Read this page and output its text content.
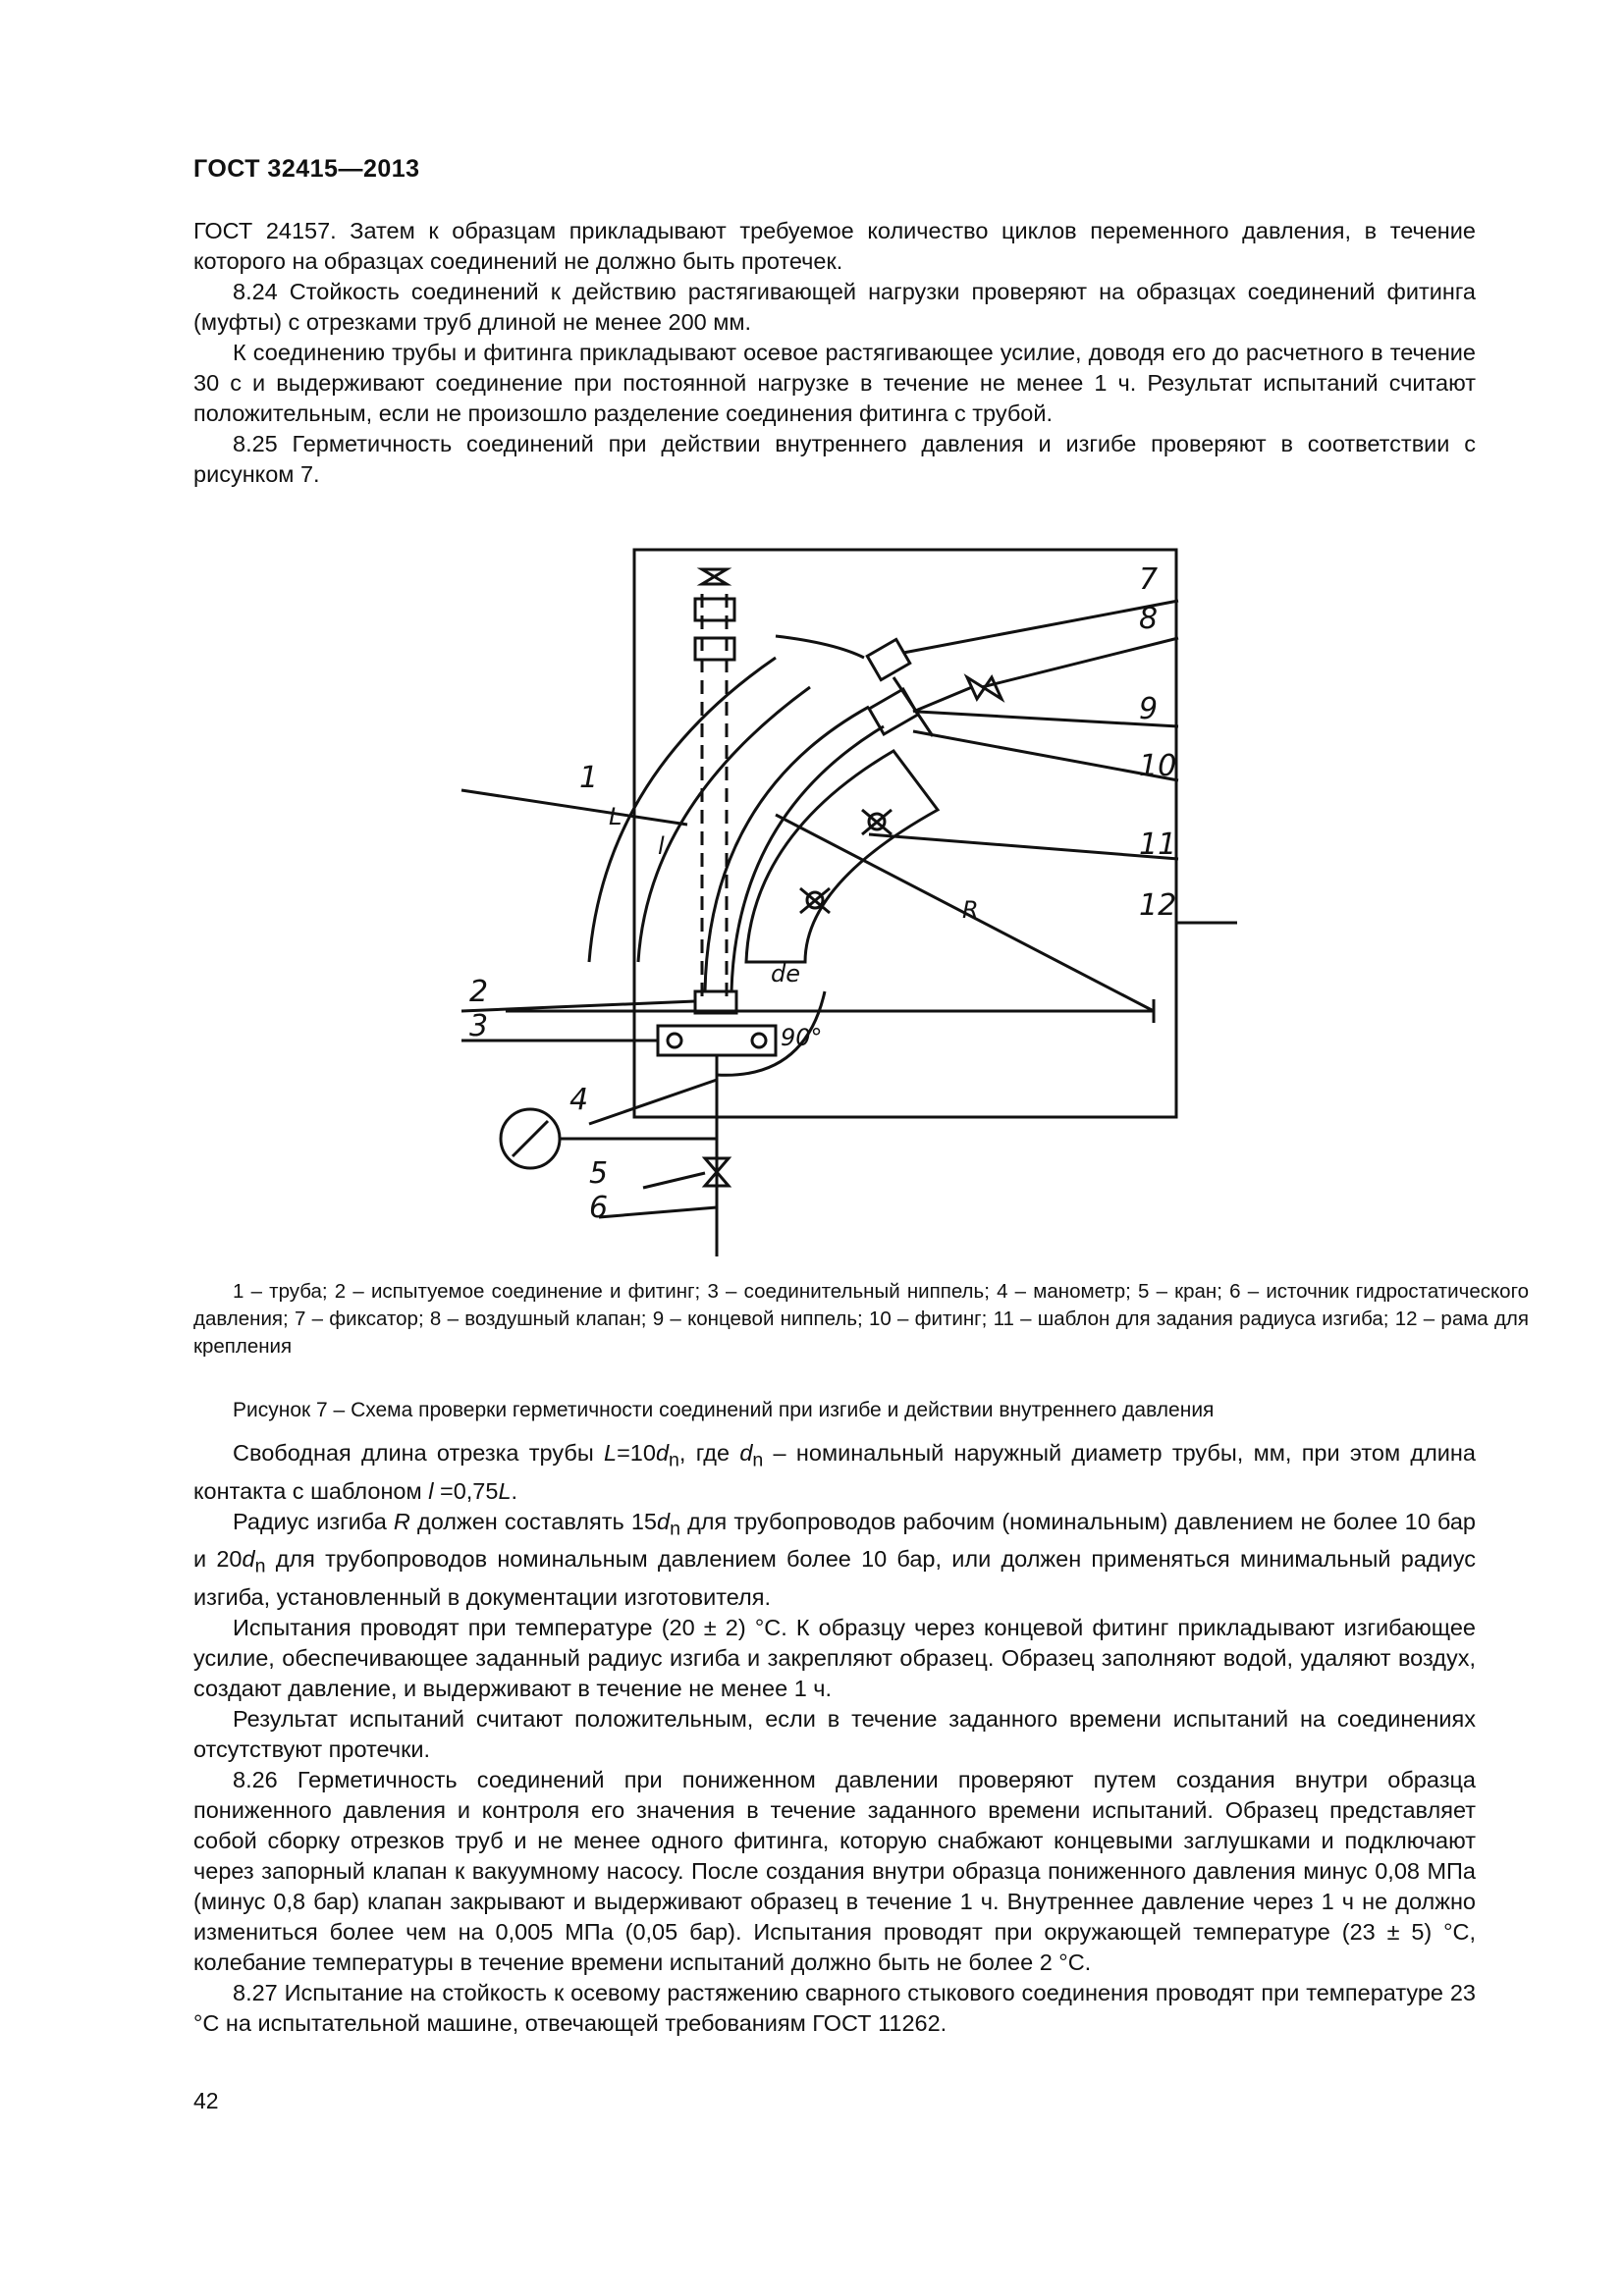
ГОСТ 32415—2013

ГОСТ 24157. Затем к образцам прикладывают требуемое количество циклов переменного давления, в течение которого на образцах соединений не должно быть протечек.

8.24 Стойкость соединений к действию растягивающей нагрузки проверяют на образцах соединений фитинга (муфты) с отрезками труб длиной не менее 200 мм.

К соединению трубы и фитинга прикладывают осевое растягивающее усилие, доводя его до расчетного в течение 30 с и выдерживают соединение при постоянной нагрузке в течение не менее 1 ч. Результат испытаний считают положительным, если не произошло разделение соединения фитинга с трубой.

8.25 Герметичность соединений при действии внутреннего давления и изгибе проверяют в соответствии с рисунком 7.

1
2
3
4
5
6
7
8
9
10
11
12
L
l
R
de
90°

1 – труба; 2 – испытуемое соединение и фитинг; 3 – соединительный ниппель; 4 – манометр; 5 – кран; 6 – источник гидростатического давления; 7 – фиксатор; 8 – воздушный клапан; 9 – концевой ниппель; 10 – фитинг; 11 – шаблон для задания радиуса изгиба; 12 – рама для крепления

Рисунок 7 – Схема проверки герметичности соединений при изгибе и действии внутреннего давления

Свободная длина отрезка трубы $L=10d_n$, где $d_n$ – номинальный наружный диаметр трубы, мм, при этом длина контакта с шаблоном l =0,75L.

Радиус изгиба R должен составлять $15d_n$ для трубопроводов рабочим (номинальным) давлением не более 10 бар и $20d_n$ для трубопроводов номинальным давлением более 10 бар, или должен применяться минимальный радиус изгиба, установленный в документации изготовителя.

Испытания проводят при температуре (20 ± 2) °С. К образцу через концевой фитинг прикладывают изгибающее усилие, обеспечивающее заданный радиус изгиба и закрепляют образец. Образец заполняют водой, удаляют воздух, создают давление, и выдерживают в течение не менее 1 ч.

Результат испытаний считают положительным, если в течение заданного времени испытаний на соединениях отсутствуют протечки.

8.26 Герметичность соединений при пониженном давлении проверяют путем создания внутри образца пониженного давления и контроля его значения в течение заданного времени испытаний. Образец представляет собой сборку отрезков труб и не менее одного фитинга, которую снабжают концевыми заглушками и подключают через запорный клапан к вакуумному насосу. После создания внутри образца пониженного давления минус 0,08 МПа (минус 0,8 бар) клапан закрывают и выдерживают образец в течение 1 ч. Внутреннее давление через 1 ч не должно измениться более чем на 0,005 МПа (0,05 бар). Испытания проводят при окружающей температуре (23 ± 5) °С, колебание температуры в течение времени испытаний должно быть не более 2 °С.

8.27 Испытание на стойкость к осевому растяжению сварного стыкового соединения проводят при температуре 23 °С на испытательной машине, отвечающей требованиям ГОСТ 11262.

42
